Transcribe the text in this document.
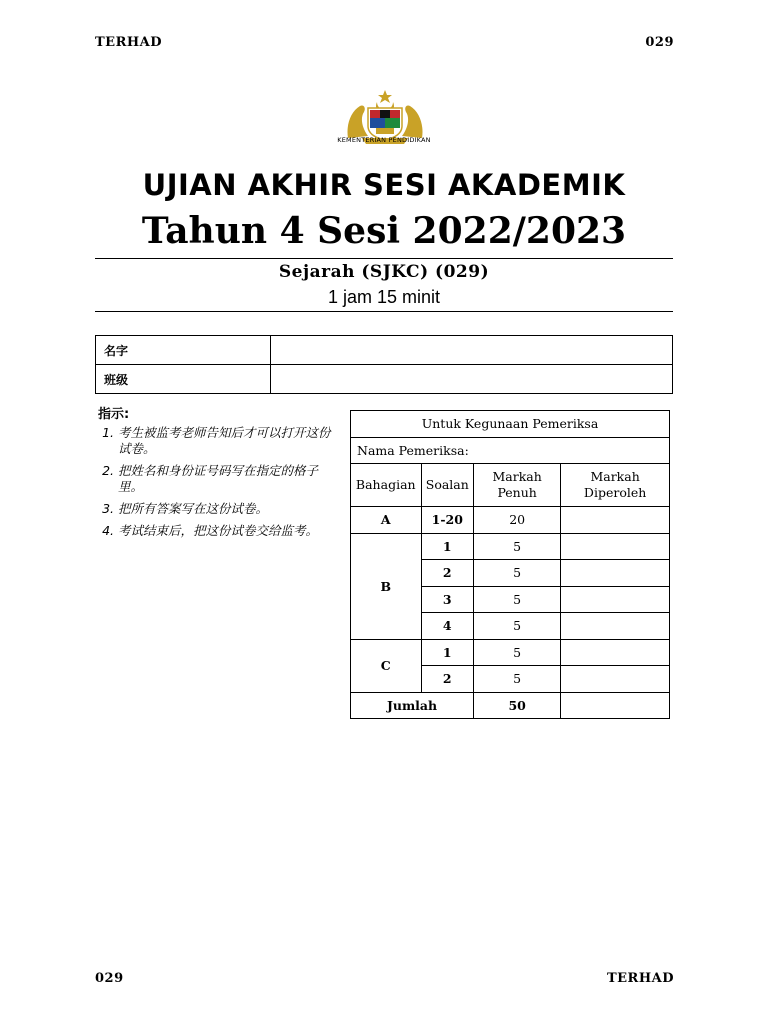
TERHAD	029
KEMENTERIAN PENDIDIKAN
UJIAN AKHIR SESI AKADEMIK
Tahun 4 Sesi 2022/2023
Sejarah (SJKC) (029)
1 jam 15 minit
名字	
班级	
指示:
1. 考生被监考老师告知后才可以打开这份试卷。
2. 把姓名和身份证号码写在指定的格子里。
3. 把所有答案写在这份试卷。
4. 考试结束后，把这份试卷交给监考。
Untuk Kegunaan Pemeriksa			
Nama Pemeriksa:			
Bahagian	Soalan	Markah Penuh	Markah Diperoleh
A	1-20	20	
B	1	5	
	2	5	
	3	5	
	4	5	
C	1	5	
	2	5	
Jumlah		50	
029	TERHAD
